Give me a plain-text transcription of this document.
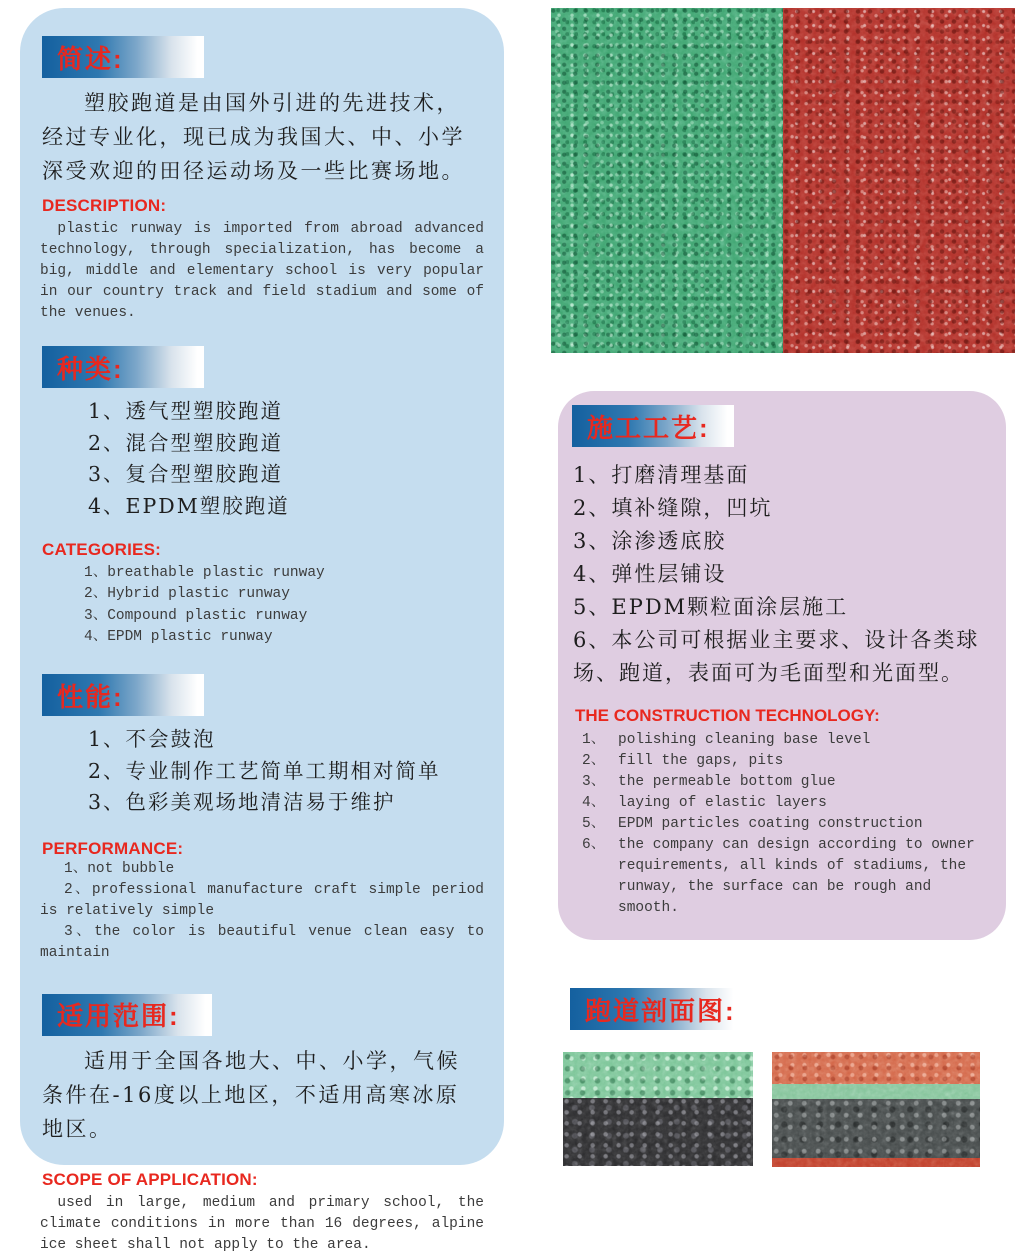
简述:

塑胶跑道是由国外引进的先进技术，经过专业化，现已成为我国大、中、小学深受欢迎的田径运动场及一些比赛场地。

DESCRIPTION:

plastic runway is imported from abroad advanced technology, through specialization, has become a big, middle and elementary school is very popular in our country track and field stadium and some of the venues.

种类:
1、透气型塑胶跑道
2、混合型塑胶跑道
3、复合型塑胶跑道
4、EPDM塑胶跑道
CATEGORIES:
1、breathable plastic runway
2、Hybrid plastic runway
3、Compound plastic runway
4、EPDM plastic runway
性能:
1、不会鼓泡
2、专业制作工艺简单工期相对简单
3、色彩美观场地清洁易于维护
PERFORMANCE:

1、not bubble

2、professional manufacture craft simple period is relatively simple

3、the color is beautiful venue clean easy to maintain

适用范围:

适用于全国各地大、中、小学，气候条件在-16度以上地区，不适用高寒冰原地区。

SCOPE OF APPLICATION:

used in large, medium and primary school, the climate conditions in more than 16 degrees, alpine ice sheet shall not apply to the area.

施工工艺:
1、打磨清理基面
2、填补缝隙，凹坑
3、涂渗透底胶
4、弹性层铺设
5、EPDM颗粒面涂层施工
6、本公司可根据业主要求、设计各类球场、跑道，表面可为毛面型和光面型。
THE CONSTRUCTION TECHNOLOGY:
1、 polishing cleaning base level
2、 fill the gaps, pits
3、 the permeable bottom glue
4、 laying of elastic layers
5、 EPDM particles coating construction
6、 the company can design according to owner requirements, all kinds of stadiums, the runway, the surface can be rough and smooth.
跑道剖面图:
